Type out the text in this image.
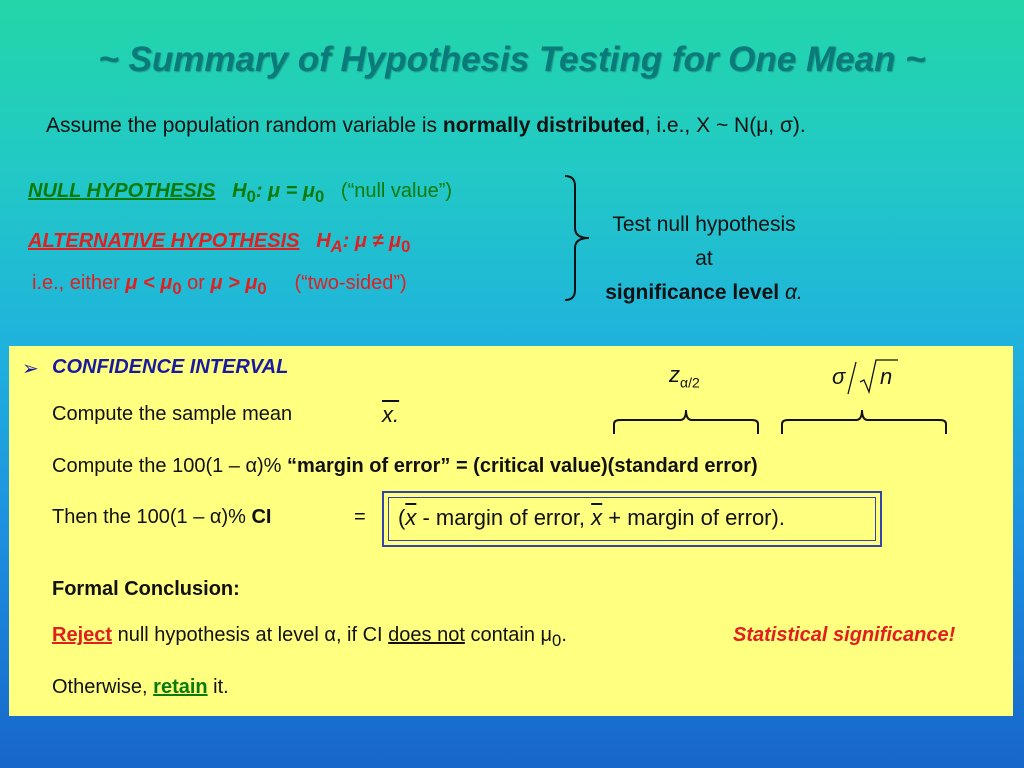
~ Summary of Hypothesis Testing for One Mean ~
Assume the population random variable is normally distributed, i.e., X ~ N(μ, σ).
NULL HYPOTHESIS $H_0$: $\mu = \mu_0$ (“null value”)
ALTERNATIVE HYPOTHESIS $H_A$: $\mu \ne \mu_0$
i.e., either $\mu < \mu_0$ or $\mu > \mu_0$ (“two-sided”)
Test null hypothesis at
significance level α.
➢ CONFIDENCE INTERVAL	$z_{\alpha/2}$	σ n
Compute the sample mean	x.
Compute the 100(1 – α)% “margin of error” = (critical value)(standard error)
Then the 100(1 – α)% CI	= ($\overline{x}$ - margin of error, $\overline{x}$ + margin of error).
Formal Conclusion:
Reject null hypothesis at level α, if CI does not contain $\mu_0$.	Statistical significance!
Otherwise, retain it.
